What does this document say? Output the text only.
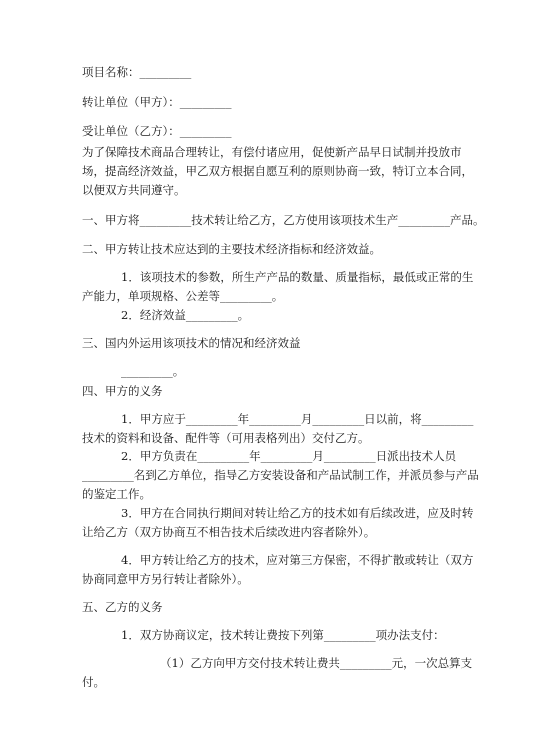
项目名称：_________
转让单位（甲方）：_________
受让单位（乙方）：_________
为了保障技术商品合理转让，有偿付诸应用，促使新产品早日试制并投放市
场，提高经济效益，甲乙双方根据自愿互利的原则协商一致，特订立本合同，
以便双方共同遵守。
一、甲方将_________技术转让给乙方，乙方使用该项技术生产_________产品。
二、甲方转让技术应达到的主要技术经济指标和经济效益。
1．该项技术的参数，所生产产品的数量、质量指标，最低或正常的生
产能力，单项规格、公差等_________。
2．经济效益_________。
三、国内外运用该项技术的情况和经济效益
_________。
四、甲方的义务
1．甲方应于_________年_________月_________日以前，将_________
技术的资料和设备、配件等（可用表格列出）交付乙方。
2．甲方负责在_________年_________月_________日派出技术人员
_________名到乙方单位，指导乙方安装设备和产品试制工作，并派员参与产品
的鉴定工作。
3．甲方在合同执行期间对转让给乙方的技术如有后续改进，应及时转
让给乙方（双方协商互不相告技术后续改进内容者除外）。
4．甲方转让给乙方的技术，应对第三方保密，不得扩散或转让（双方
协商同意甲方另行转让者除外）。
五、乙方的义务
1．双方协商议定，技术转让费按下列第_________项办法支付：
（1）乙方向甲方交付技术转让费共_________元，一次总算支
付。
